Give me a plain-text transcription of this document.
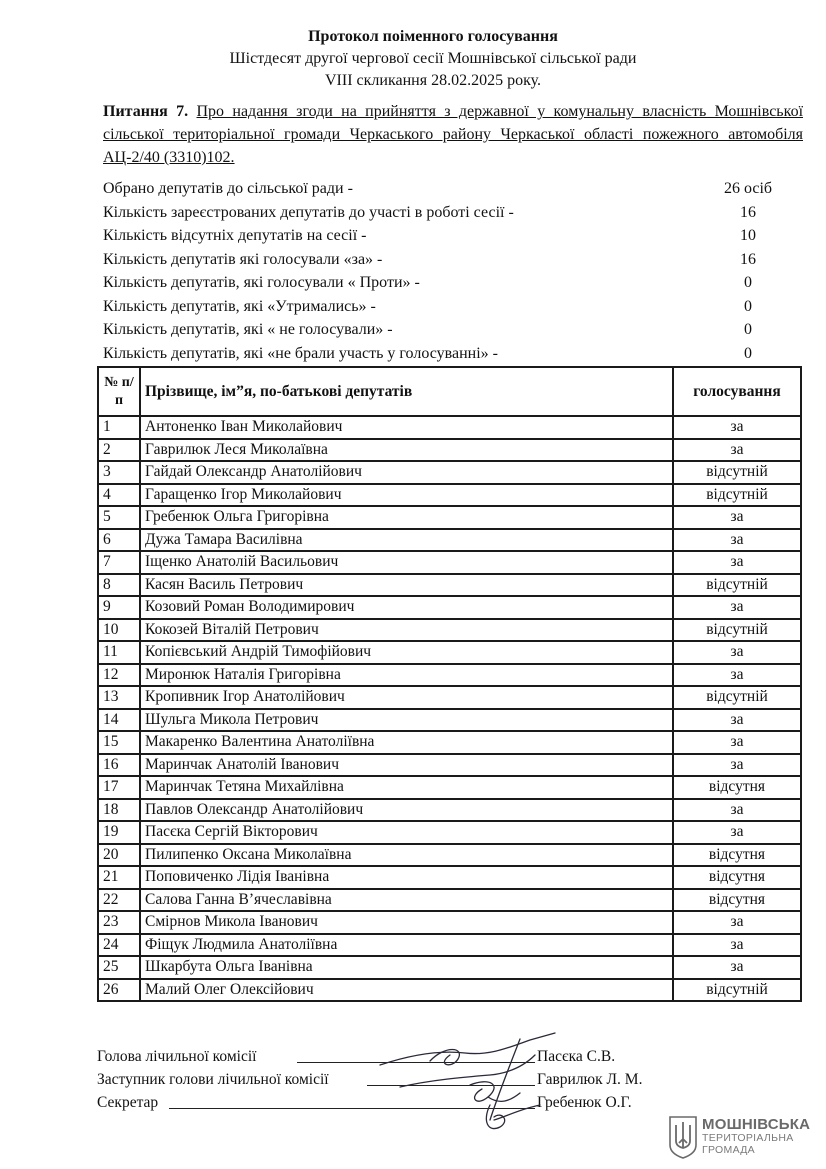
Протокол поіменного голосування
Шістдесят другої чергової сесії Мошнівської сільської ради
VIII скликання 28.02.2025 року.
Питання 7. Про надання згоди на прийняття з державної у комунальну власність Мошнівської сільської територіальної громади Черкаського району Черкаської області пожежного автомобіля АЦ-2/40 (3310)102.
Обрано депутатів до сільської ради -	26 осіб
Кількість зареєстрованих депутатів до участі в роботі сесії -	16
Кількість відсутніх депутатів на сесії -	10
Кількість депутатів які голосували «за» -	16
Кількість депутатів, які голосували « Проти» -	0
Кількість депутатів, які «Утримались» -	0
Кількість депутатів, які « не голосували» -	0
Кількість депутатів, які «не брали участь у голосуванні» -	0
№ п/п	Прізвище, ім”я, по-батькові депутатів	голосування
1	Антоненко Іван Миколайович	за
2	Гаврилюк Леся Миколаївна	за
3	Гайдай Олександр Анатолійович	відсутній
4	Гаращенко Ігор Миколайович	відсутній
5	Гребенюк Ольга Григорівна	за
6	Дужа Тамара Василівна	за
7	Іщенко Анатолій Васильович	за
8	Касян Василь Петрович	відсутній
9	Козовий Роман Володимирович	за
10	Кокозей Віталій Петрович	відсутній
11	Копієвський Андрій Тимофійович	за
12	Миронюк Наталія Григорівна	за
13	Кропивник Ігор Анатолійович	відсутній
14	Шульга Микола Петрович	за
15	Макаренко Валентина Анатоліївна	за
16	Маринчак Анатолій Іванович	за
17	Маринчак Тетяна Михайлівна	відсутня
18	Павлов Олександр Анатолійович	за
19	Пасєка Сергій Вікторович	за
20	Пилипенко Оксана Миколаївна	відсутня
21	Поповиченко Лідія Іванівна	відсутня
22	Салова Ганна В’ячеславівна	відсутня
23	Смірнов Микола Іванович	за
24	Фіщук Людмила Анатоліївна	за
25	Шкарбута Ольга Іванівна	за
26	Малий Олег Олексійович	відсутній
Голова лічильної комісії	Пасєка С.В.
Заступник голови лічильної комісії	Гаврилюк Л. М.
Секретар	Гребенюк О.Г.
МОШНІВСЬКА
ТЕРИТОРІАЛЬНА
ГРОМАДА
